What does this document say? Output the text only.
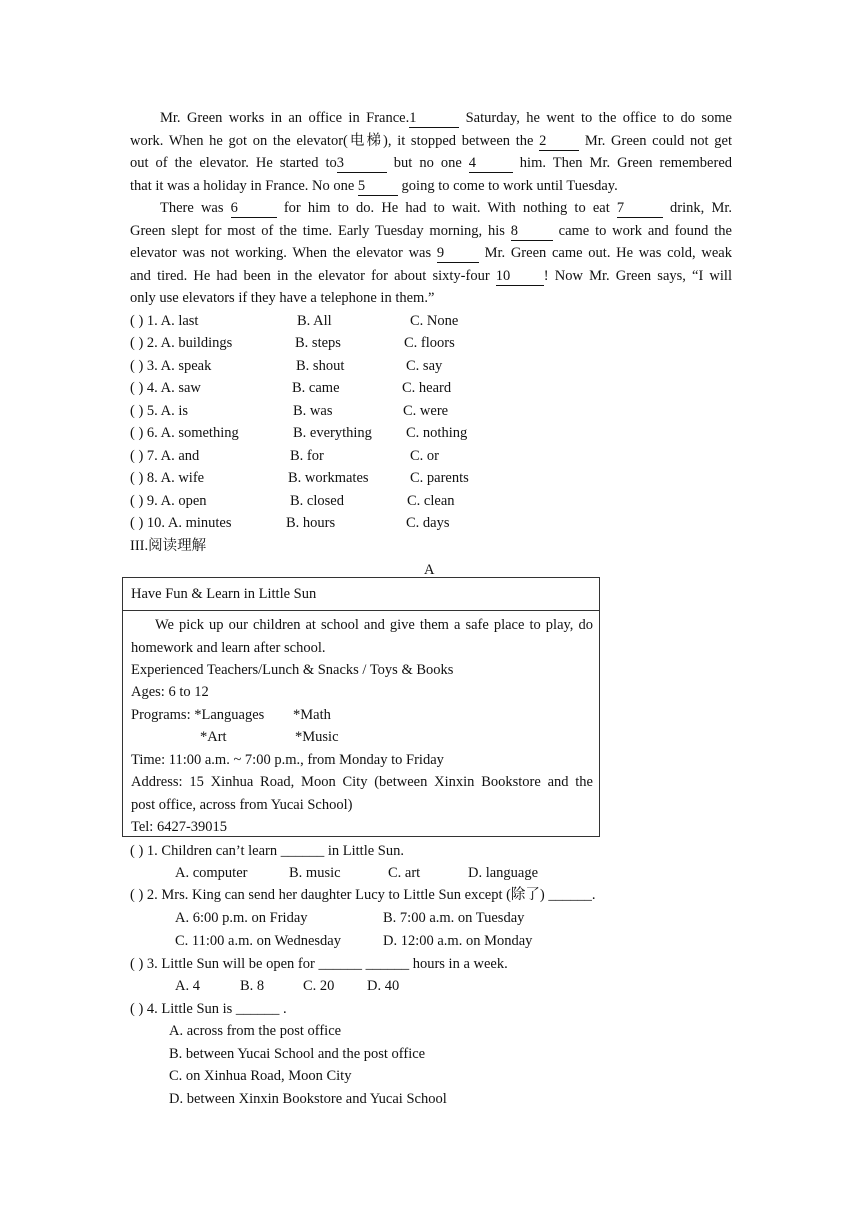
Mr. Green works in an office in France.1	Saturday, he went to the office to do some
work. When he got on the elevator(电梯), it stopped between the 2 Mr. Green could not get
out of the elevator. He started to3	but no one 4	him. Then Mr. Green remembered
that it was a holiday in France. No one 5 going to come to work until Tuesday.
There was 6	for him to do. He had to wait. With nothing to eat 7	drink, Mr.
Green slept for most of the time. Early Tuesday morning, his 8 came to work and found the
elevator was not working. When the elevator was 9 Mr. Green came out. He was cold, weak
and tired. He had been in the elevator for about sixty-four 10 ! Now Mr. Green says, “I will
only use elevators if they have a telephone in them.”
( ) 1. A. last	B. All	C. None
( ) 2. A. buildings	B. steps	C. floors
( ) 3. A. speak	B. shout	C. say
( ) 4. A. saw	B. came	C. heard
( ) 5. A. is	B. was	C. were
( ) 6. A. something	B. everything C. nothing
( ) 7. A. and	B. for	C. or
( ) 8. A. wife	B. workmates	C. parents
( ) 9. A. open	B. closed	C. clean
( ) 10. A. minutes	B. hours	C. days
III.阅读理解
A
Have Fun & Learn in Little Sun
We pick up our children at school and give them a safe place to play, do
homework and learn after school.
Experienced Teachers/Lunch & Snacks / Toys & Books
Ages: 6 to 12
Programs: *Languages *Math
*Art	*Music
Time: 11:00 a.m. ~ 7:00 p.m., from Monday to Friday
Address: 15 Xinhua Road, Moon City (between Xinxin Bookstore and the
post office, across from Yucai School)
Tel: 6427-39015
( ) 1. Children can’t learn ______ in Little Sun.
A. computer	B. music	C. art	D. language
( ) 2. Mrs. King can send her daughter Lucy to Little Sun except (除了) ______.
A. 6:00 p.m. on Friday	B. 7:00 a.m. on Tuesday
C. 11:00 a.m. on Wednesday	D. 12:00 a.m. on Monday
( ) 3. Little Sun will be open for ______ ______ hours in a week.
A. 4	B. 8	C. 20 D. 40
( ) 4. Little Sun is ______ .
A. across from the post office
B. between Yucai School and the post office
C. on Xinhua Road, Moon City
D. between Xinxin Bookstore and Yucai School
